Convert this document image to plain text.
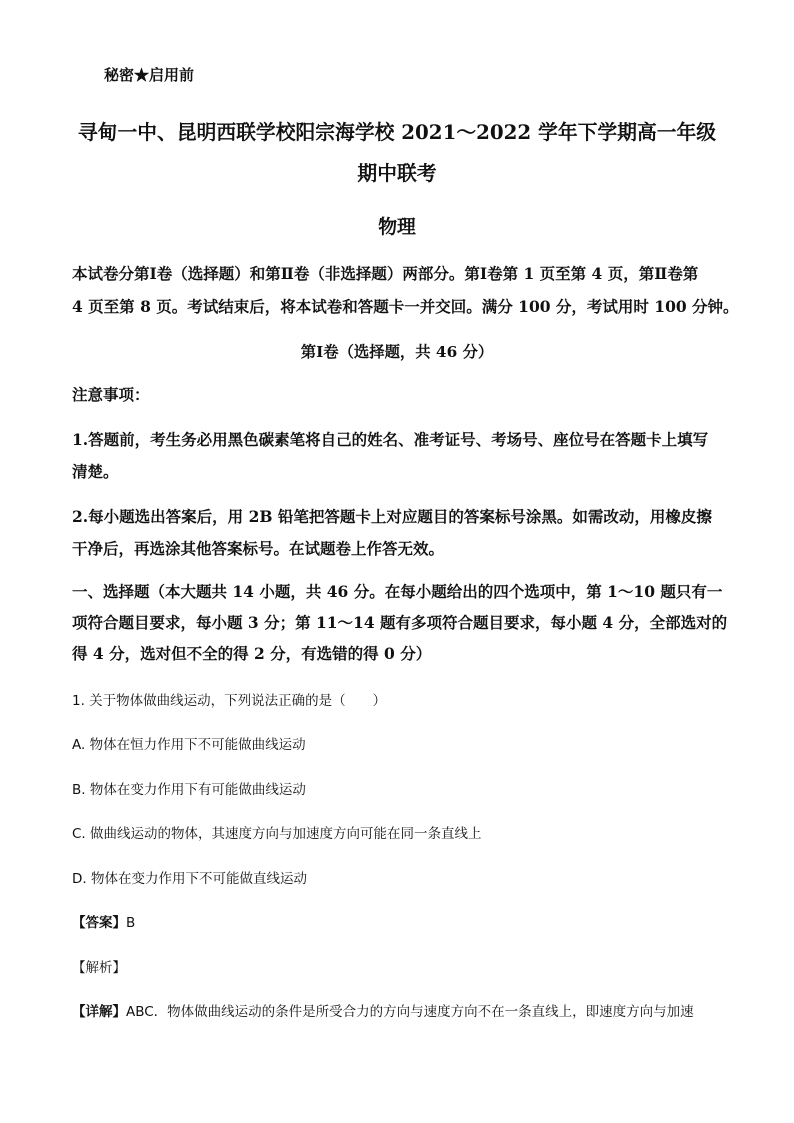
秘密★启用前
寻甸一中、昆明西联学校阳宗海学校 2021～2022 学年下学期高一年级
期中联考
物理
本试卷分第Ⅰ卷（选择题）和第Ⅱ卷（非选择题）两部分。第Ⅰ卷第 1 页至第 4 页，第Ⅱ卷第
4 页至第 8 页。考试结束后，将本试卷和答题卡一并交回。满分 100 分，考试用时 100 分钟。
第Ⅰ卷（选择题，共 46 分）
注意事项：
1.答题前，考生务必用黑色碳素笔将自己的姓名、准考证号、考场号、座位号在答题卡上填写
清楚。
2.每小题选出答案后，用 2B 铅笔把答题卡上对应题目的答案标号涂黑。如需改动，用橡皮擦
干净后，再选涂其他答案标号。在试题卷上作答无效。
一、选择题（本大题共 14 小题，共 46 分。在每小题给出的四个选项中，第 1～10 题只有一
项符合题目要求，每小题 3 分；第 11～14 题有多项符合题目要求，每小题 4 分，全部选对的
得 4 分，选对但不全的得 2 分，有选错的得 0 分）
1. 关于物体做曲线运动，下列说法正确的是（　　）
A. 物体在恒力作用下不可能做曲线运动
B. 物体在变力作用下有可能做曲线运动
C. 做曲线运动的物体，其速度方向与加速度方向可能在同一条直线上
D. 物体在变力作用下不可能做直线运动
【答案】B
【解析】
【详解】ABC．物体做曲线运动的条件是所受合力的方向与速度方向不在一条直线上，即速度方向与加速
